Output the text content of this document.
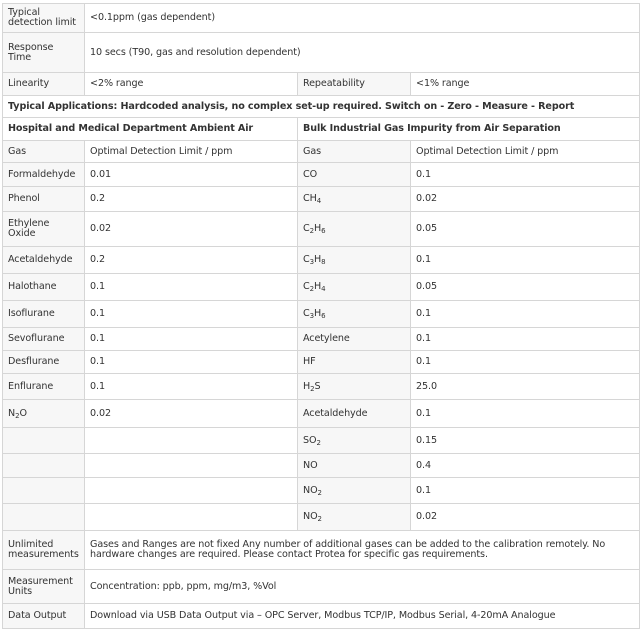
Typical detection limit	<0.1ppm (gas dependent)		
Response Time	10 secs (T90, gas and resolution dependent)		
Linearity	<2% range	Repeatability	<1% range
Typical Applications: Hardcoded analysis, no complex set-up required. Switch on - Zero - Measure - Report			
Hospital and Medical Department Ambient Air		Bulk Industrial Gas Impurity from Air Separation	
Gas	Optimal Detection Limit / ppm	Gas	Optimal Detection Limit / ppm
Formaldehyde	0.01	CO	0.1
Phenol	0.2	$CH_4$	0.02
Ethylene Oxide	0.02	$C_2H_6$	0.05
Acetaldehyde	0.2	$C_3H_8$	0.1
Halothane	0.1	$C_2H_4$	0.05
Isoflurane	0.1	$C_3H_6$	0.1
Sevoflurane	0.1	Acetylene	0.1
Desflurane	0.1	HF	0.1
Enflurane	0.1	$H_2S$	25.0
$N_2O$	0.02	Acetaldehyde	0.1
		$SO_2$	0.15
		NO	0.4
		$NO_2$	0.1
		$NO_2$	0.02
Unlimited measurements	Gases and Ranges are not fixed Any number of additional gases can be added to the calibration remotely. No hardware changes are required. Please contact Protea for specific gas requirements.		
Measurement Units	Concentration: ppb, ppm, mg/m3, %Vol		
Data Output	Download via USB Data Output via – OPC Server, Modbus TCP/IP, Modbus Serial, 4-20mA Analogue		
